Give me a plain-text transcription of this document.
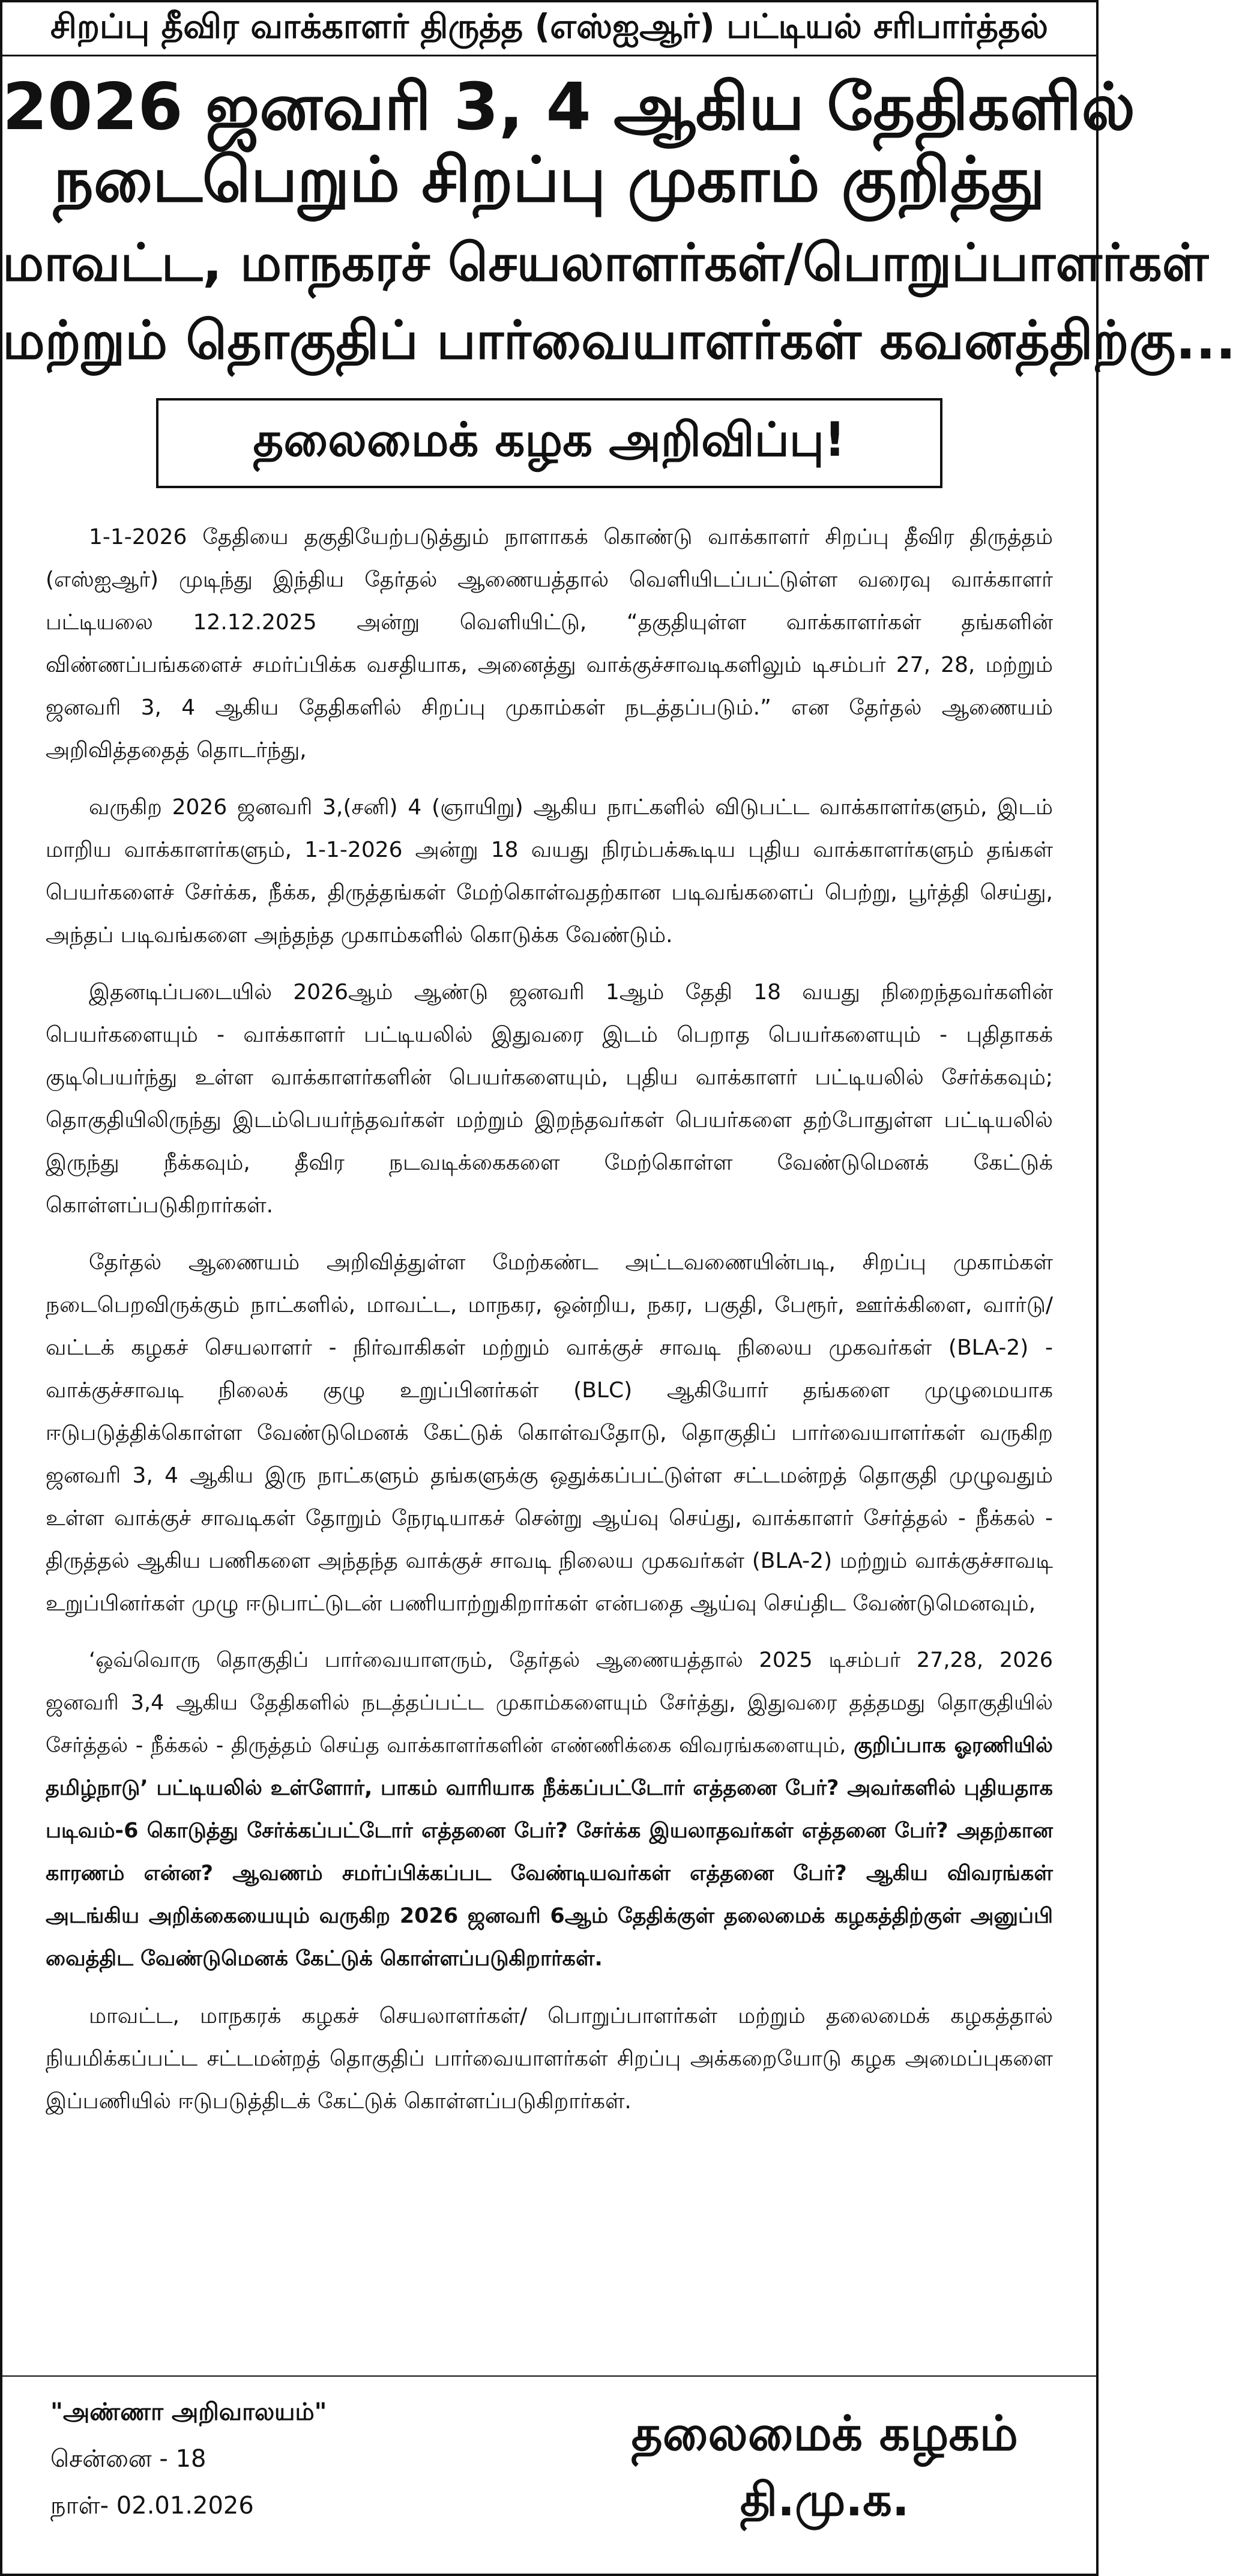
சிறப்பு தீவிர வாக்காளர் திருத்த (எஸ்ஐஆர்) பட்டியல் சரிபார்த்தல்

2026 ஜனவரி 3, 4 ஆகிய தேதிகளில்

நடைபெறும் சிறப்பு முகாம் குறித்து

மாவட்ட, மாநகரச் செயலாளர்கள்/பொறுப்பாளர்கள்

மற்றும் தொகுதிப் பார்வையாளர்கள் கவனத்திற்கு...

தலைமைக் கழக அறிவிப்பு!

1-1-2026 தேதியை தகுதியேற்படுத்தும் நாளாகக் கொண்டு வாக்காளர் சிறப்பு தீவிர திருத்தம் (எஸ்ஐஆர்) முடிந்து இந்திய தேர்தல் ஆணையத்தால் வெளியிடப்பட்டுள்ள வரைவு வாக்காளர் பட்டியலை 12.12.2025 அன்று வெளியிட்டு, “தகுதியுள்ள வாக்காளர்கள் தங்களின் விண்ணப்பங்களைச் சமர்ப்பிக்க வசதியாக, அனைத்து வாக்குச்சாவடிகளிலும் டிசம்பர் 27, 28, மற்றும் ஜனவரி 3, 4 ஆகிய தேதிகளில் சிறப்பு முகாம்கள் நடத்தப்படும்.” என தேர்தல் ஆணையம் அறிவித்ததைத் தொடர்ந்து,

வருகிற 2026 ஜனவரி 3,(சனி) 4 (ஞாயிறு) ஆகிய நாட்களில் விடுபட்ட வாக்காளர்களும், இடம் மாறிய வாக்காளர்களும், 1-1-2026 அன்று 18 வயது நிரம்பக்கூடிய புதிய வாக்காளர்களும் தங்கள் பெயர்களைச் சேர்க்க, நீக்க, திருத்தங்கள் மேற்கொள்வதற்கான படிவங்களைப் பெற்று, பூர்த்தி செய்து, அந்தப் படிவங்களை அந்தந்த முகாம்களில் கொடுக்க வேண்டும்.

இதனடிப்படையில் 2026ஆம் ஆண்டு ஜனவரி 1ஆம் தேதி 18 வயது நிறைந்தவர்களின் பெயர்களையும் - வாக்காளர் பட்டியலில் இதுவரை இடம் பெறாத பெயர்களையும் - புதிதாகக் குடிபெயர்ந்து உள்ள வாக்காளர்களின் பெயர்களையும், புதிய வாக்காளர் பட்டியலில் சேர்க்கவும்; தொகுதியிலிருந்து இடம்பெயர்ந்தவர்கள் மற்றும் இறந்தவர்கள் பெயர்களை தற்போதுள்ள பட்டியலில் இருந்து நீக்கவும், தீவிர நடவடிக்கைகளை மேற்கொள்ள வேண்டுமெனக் கேட்டுக் கொள்ளப்படுகிறார்கள்.

தேர்தல் ஆணையம் அறிவித்துள்ள மேற்கண்ட அட்டவணையின்படி, சிறப்பு முகாம்கள் நடைபெறவிருக்கும் நாட்களில், மாவட்ட, மாநகர, ஒன்றிய, நகர, பகுதி, பேரூர், ஊர்க்கிளை, வார்டு/வட்டக் கழகச் செயலாளர் - நிர்வாகிகள் மற்றும் வாக்குச் சாவடி நிலைய முகவர்கள் (BLA-2) - வாக்குச்சாவடி நிலைக் குழு உறுப்பினர்கள் (BLC) ஆகியோர் தங்களை முழுமையாக ஈடுபடுத்திக்கொள்ள வேண்டுமெனக் கேட்டுக் கொள்வதோடு, தொகுதிப் பார்வையாளர்கள் வருகிற ஜனவரி 3, 4 ஆகிய இரு நாட்களும் தங்களுக்கு ஒதுக்கப்பட்டுள்ள சட்டமன்றத் தொகுதி முழுவதும் உள்ள வாக்குச் சாவடிகள் தோறும் நேரடியாகச் சென்று ஆய்வு செய்து, வாக்காளர் சேர்த்தல் - நீக்கல் - திருத்தல் ஆகிய பணிகளை அந்தந்த வாக்குச் சாவடி நிலைய முகவர்கள் (BLA-2) மற்றும் வாக்குச்சாவடி உறுப்பினர்கள் முழு ஈடுபாட்டுடன் பணியாற்றுகிறார்கள் என்பதை ஆய்வு செய்திட வேண்டுமெனவும்,

‘ஒவ்வொரு தொகுதிப் பார்வையாளரும், தேர்தல் ஆணையத்தால் 2025 டிசம்பர் 27,28, 2026 ஜனவரி 3,4 ஆகிய தேதிகளில் நடத்தப்பட்ட முகாம்களையும் சேர்த்து, இதுவரை தத்தமது தொகுதியில் சேர்த்தல் - நீக்கல் - திருத்தம் செய்த வாக்காளர்களின் எண்ணிக்கை விவரங்களையும், குறிப்பாக ஓரணியில் தமிழ்நாடு’ பட்டியலில் உள்ளோர், பாகம் வாரியாக நீக்கப்பட்டோர் எத்தனை பேர்? அவர்களில் புதியதாக படிவம்-6 கொடுத்து சேர்க்கப்பட்டோர் எத்தனை பேர்? சேர்க்க இயலாதவர்கள் எத்தனை பேர்? அதற்கான காரணம் என்ன? ஆவணம் சமர்ப்பிக்கப்பட வேண்டியவர்கள் எத்தனை பேர்? ஆகிய விவரங்கள் அடங்கிய அறிக்கையையும் வருகிற 2026 ஜனவரி 6ஆம் தேதிக்குள் தலைமைக் கழகத்திற்குள் அனுப்பி வைத்திட வேண்டுமெனக் கேட்டுக் கொள்ளப்படுகிறார்கள்.

மாவட்ட, மாநகரக் கழகச் செயலாளர்கள்/ பொறுப்பாளர்கள் மற்றும் தலைமைக் கழகத்தால் நியமிக்கப்பட்ட சட்டமன்றத் தொகுதிப் பார்வையாளர்கள் சிறப்பு அக்கறையோடு கழக அமைப்புகளை இப்பணியில் ஈடுபடுத்திடக் கேட்டுக் கொள்ளப்படுகிறார்கள்.

"அண்ணா அறிவாலயம்"
சென்னை - 18
நாள்- 02.01.2026
தலைமைக் கழகம்
தி.மு.க.
